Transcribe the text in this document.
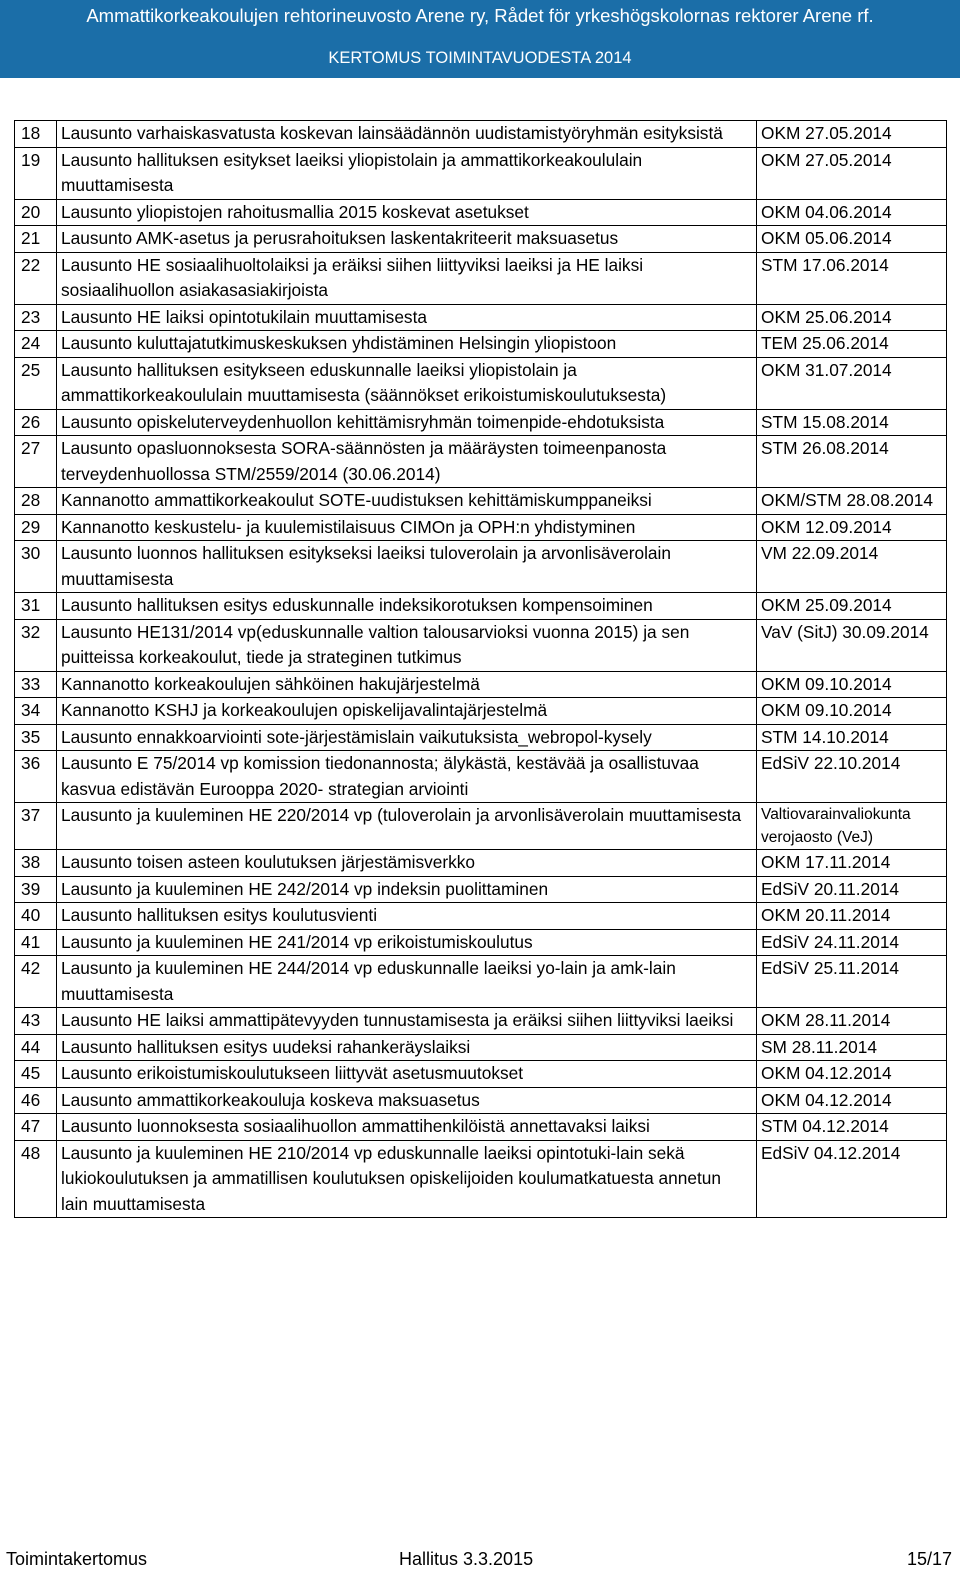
Ammattikorkeakoulujen rehtorineuvosto Arene ry, Rådet för yrkeshögskolornas rektorer Arene rf.
KERTOMUS TOIMINTAVUODESTA 2014
18	Lausunto varhaiskasvatusta koskevan lainsäädännön uudistamistyöryhmän esityksistä	OKM 27.05.2014
19	Lausunto hallituksen esitykset laeiksi yliopistolain ja ammattikorkeakoululain muuttamisesta	OKM 27.05.2014
20	Lausunto yliopistojen rahoitusmallia 2015 koskevat asetukset	OKM 04.06.2014
21	Lausunto AMK-asetus ja perusrahoituksen laskentakriteerit maksuasetus	OKM 05.06.2014
22	Lausunto HE sosiaalihuoltolaiksi ja eräiksi siihen liittyviksi laeiksi ja HE laiksi sosiaalihuollon asiakasasiakirjoista	STM 17.06.2014
23	Lausunto HE laiksi opintotukilain muuttamisesta	OKM 25.06.2014
24	Lausunto kuluttajatutkimuskeskuksen yhdistäminen Helsingin yliopistoon	TEM 25.06.2014
25	Lausunto hallituksen esitykseen eduskunnalle laeiksi yliopistolain ja ammattikorkeakoululain muuttamisesta (säännökset erikoistumiskoulutuksesta)	OKM 31.07.2014
26	Lausunto opiskeluterveydenhuollon kehittämisryhmän toimenpide-ehdotuksista	STM 15.08.2014
27	Lausunto opasluonnoksesta SORA-säännösten ja määräysten toimeenpanosta terveydenhuollossa STM/2559/2014 (30.06.2014)	STM 26.08.2014
28	Kannanotto ammattikorkeakoulut SOTE-uudistuksen kehittämiskumppaneiksi	OKM/STM 28.08.2014
29	Kannanotto keskustelu- ja kuulemistilaisuus CIMOn ja OPH:n yhdistyminen	OKM 12.09.2014
30	Lausunto luonnos hallituksen esitykseksi laeiksi tuloverolain ja arvonlisäverolain muuttamisesta	VM 22.09.2014
31	Lausunto hallituksen esitys eduskunnalle indeksikorotuksen kompensoiminen	OKM 25.09.2014
32	Lausunto HE131/2014 vp(eduskunnalle valtion talousarvioksi vuonna 2015) ja sen puitteissa korkeakoulut, tiede ja strateginen tutkimus	VaV (SitJ) 30.09.2014
33	Kannanotto korkeakoulujen sähköinen hakujärjestelmä	OKM 09.10.2014
34	Kannanotto KSHJ ja korkeakoulujen opiskelijavalintajärjestelmä	OKM 09.10.2014
35	Lausunto ennakkoarviointi sote-järjestämislain vaikutuksista_webropol-kysely	STM 14.10.2014
36	Lausunto E 75/2014 vp komission tiedonannosta; älykästä, kestävää ja osallistuvaa kasvua edistävän Eurooppa 2020- strategian arviointi	EdSiV 22.10.2014
37	Lausunto ja kuuleminen HE 220/2014 vp (tuloverolain ja arvonlisäverolain muuttamisesta	Valtiovarainvaliokunta verojaosto (VeJ)
38	Lausunto toisen asteen koulutuksen järjestämisverkko	OKM 17.11.2014
39	Lausunto ja kuuleminen HE 242/2014 vp indeksin puolittaminen	EdSiV 20.11.2014
40	Lausunto hallituksen esitys koulutusvienti	OKM 20.11.2014
41	Lausunto ja kuuleminen HE 241/2014 vp erikoistumiskoulutus	EdSiV 24.11.2014
42	Lausunto ja kuuleminen HE 244/2014 vp eduskunnalle laeiksi yo-lain ja amk-lain muuttamisesta	EdSiV 25.11.2014
43	Lausunto HE laiksi ammattipätevyyden tunnustamisesta ja eräiksi siihen liittyviksi laeiksi	OKM 28.11.2014
44	Lausunto hallituksen esitys uudeksi rahankeräyslaiksi	SM 28.11.2014
45	Lausunto erikoistumiskoulutukseen liittyvät asetusmuutokset	OKM 04.12.2014
46	Lausunto ammattikorkeakouluja koskeva maksuasetus	OKM 04.12.2014
47	Lausunto luonnoksesta sosiaalihuollon ammattihenkilöistä annettavaksi laiksi	STM 04.12.2014
48	Lausunto ja kuuleminen HE 210/2014 vp eduskunnalle laeiksi opintotuki-lain sekä lukiokoulutuksen ja ammatillisen koulutuksen opiskelijoiden koulumatkatuesta annetun lain muuttamisesta	EdSiV 04.12.2014
Toimintakertomus	Hallitus 3.3.2015	15/17
